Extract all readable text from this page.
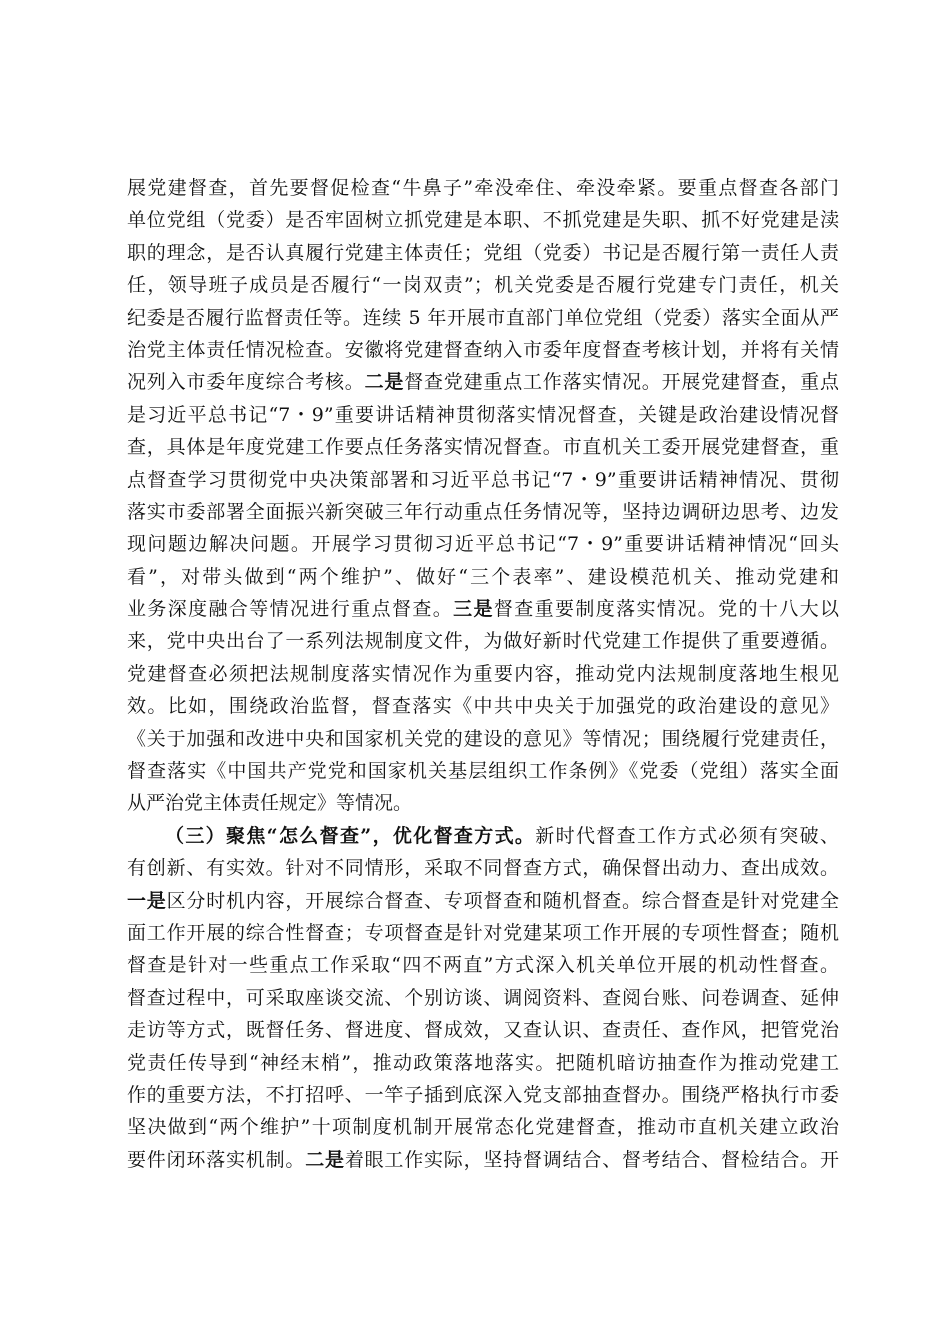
展党建督查，首先要督促检查“牛鼻子”牵没牵住、牵没牵紧。要重点督查各部门
单位党组（党委）是否牢固树立抓党建是本职、不抓党建是失职、抓不好党建是渎
职的理念，是否认真履行党建主体责任；党组（党委）书记是否履行第一责任人责
任，领导班子成员是否履行“一岗双责”；机关党委是否履行党建专门责任，机关
纪委是否履行监督责任等。连续 5 年开展市直部门单位党组（党委）落实全面从严
治党主体责任情况检查。安徽将党建督查纳入市委年度督查考核计划，并将有关情
况列入市委年度综合考核。二是督查党建重点工作落实情况。开展党建督查，重点
是习近平总书记“7・9”重要讲话精神贯彻落实情况督查，关键是政治建设情况督
查，具体是年度党建工作要点任务落实情况督查。市直机关工委开展党建督查，重
点督查学习贯彻党中央决策部署和习近平总书记“7・9”重要讲话精神情况、贯彻
落实市委部署全面振兴新突破三年行动重点任务情况等，坚持边调研边思考、边发
现问题边解决问题。开展学习贯彻习近平总书记“7・9”重要讲话精神情况“回头
看”，对带头做到“两个维护”、做好“三个表率”、建设模范机关、推动党建和
业务深度融合等情况进行重点督查。三是督查重要制度落实情况。党的十八大以
来，党中央出台了一系列法规制度文件，为做好新时代党建工作提供了重要遵循。
党建督查必须把法规制度落实情况作为重要内容，推动党内法规制度落地生根见
效。比如，围绕政治监督，督查落实《中共中央关于加强党的政治建设的意见》
《关于加强和改进中央和国家机关党的建设的意见》等情况；围绕履行党建责任，
督查落实《中国共产党党和国家机关基层组织工作条例》《党委（党组）落实全面
从严治党主体责任规定》等情况。
（三）聚焦“怎么督查”，优化督查方式。新时代督查工作方式必须有突破、
有创新、有实效。针对不同情形，采取不同督查方式，确保督出动力、查出成效。
一是区分时机内容，开展综合督查、专项督查和随机督查。综合督查是针对党建全
面工作开展的综合性督查；专项督查是针对党建某项工作开展的专项性督查；随机
督查是针对一些重点工作采取“四不两直”方式深入机关单位开展的机动性督查。
督查过程中，可采取座谈交流、个别访谈、调阅资料、查阅台账、问卷调查、延伸
走访等方式，既督任务、督进度、督成效，又查认识、查责任、查作风，把管党治
党责任传导到“神经末梢”，推动政策落地落实。把随机暗访抽查作为推动党建工
作的重要方法，不打招呼、一竿子插到底深入党支部抽查督办。围绕严格执行市委
坚决做到“两个维护”十项制度机制开展常态化党建督查，推动市直机关建立政治
要件闭环落实机制。二是着眼工作实际，坚持督调结合、督考结合、督检结合。开
